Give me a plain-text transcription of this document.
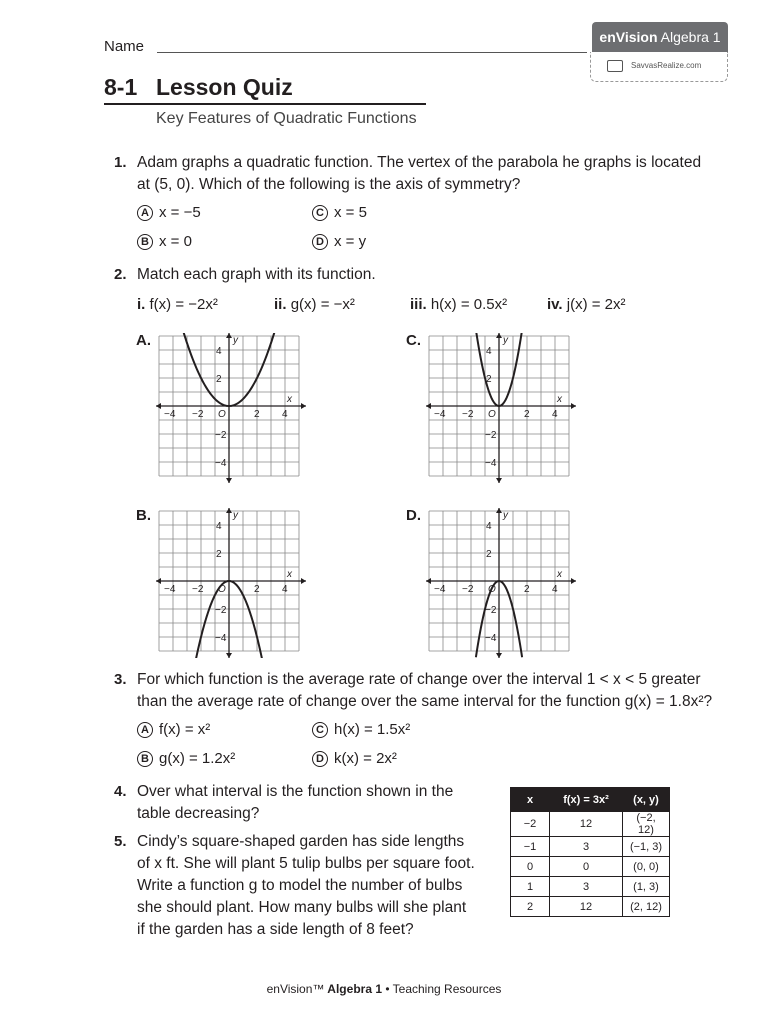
Name
enVision Algebra 1
SavvasRealize.com
8-1 Lesson Quiz
Key Features of Quadratic Functions
1. Adam graphs a quadratic function. The vertex of the parabola he graphs is located
at (5, 0). Which of the following is the axis of symmetry?
A x = −5	C x = 5
B x = 0	D x = y
2. Match each graph with its function.
i. f(x) = −2x²	ii. g(x) = −x²	iii. h(x) = 0.5x²	iv. j(x) = 2x²
A.	C.
B.	D.
−4 −2	2 4
2
4
−2
−4
O
x
y
−4 −2	2 4
2
4
−2
−4
O
x
y
−4 −2	2 4
2
4
−2
−4
O
x
y
−4 −2	2 4
2
4
−2
−4
O
x
y
3. For which function is the average rate of change over the interval 1 < x < 5 greater
than the average rate of change over the same interval for the function g(x) = 1.8x²?
A f(x) = x²	C h(x) = 1.5x²
B g(x) = 1.2x²	D k(x) = 2x²
4. Over what interval is the function shown in the
table decreasing?
5. Cindy’s square-shaped garden has side lengths
of x ft. She will plant 5 tulip bulbs per square foot.
Write a function g to model the number of bulbs
she should plant. How many bulbs will she plant
if the garden has a side length of 8 feet?
x	f(x) = 3x²	(x, y)
−2	12	(−2, 12)
−1	3	(−1, 3)
0	0	(0, 0)
1	3	(1, 3)
2	12	(2, 12)
enVision™ Algebra 1 • Teaching Resources
